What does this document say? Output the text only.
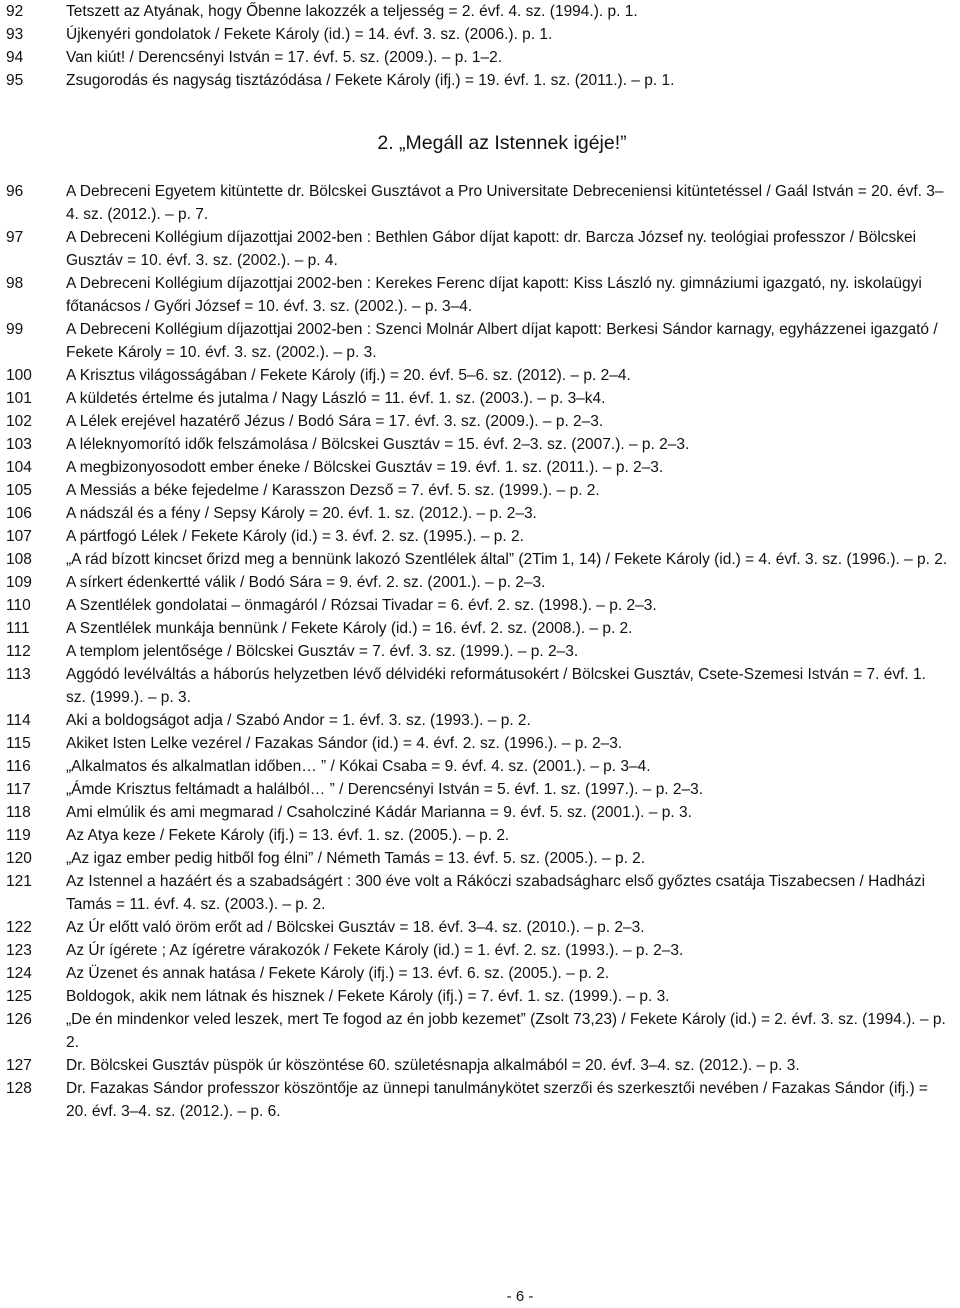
92	Tetszett az Atyának, hogy Őbenne lakozzék a teljesség = 2. évf. 4. sz. (1994.). p. 1.
93	Újkenyéri gondolatok / Fekete Károly (id.) = 14. évf. 3. sz. (2006.). p. 1.
94	Van kiút! / Derencsényi István = 17. évf. 5. sz. (2009.). – p. 1–2.
95	Zsugorodás és nagyság tisztázódása / Fekete Károly (ifj.) = 19. évf. 1. sz. (2011.). – p. 1.
2. „Megáll az Istennek igéje!”
96	A Debreceni Egyetem kitüntette dr. Bölcskei Gusztávot a Pro Universitate Debreceniensi kitüntetéssel / Gaál István = 20. évf. 3–4. sz. (2012.). – p. 7.
97	A Debreceni Kollégium díjazottjai 2002-ben : Bethlen Gábor díjat kapott: dr. Barcza József ny. teológiai professzor / Bölcskei Gusztáv = 10. évf. 3. sz. (2002.). – p. 4.
98	A Debreceni Kollégium díjazottjai 2002-ben : Kerekes Ferenc díjat kapott: Kiss László ny. gimnáziumi igazgató, ny. iskolaügyi főtanácsos / Győri József = 10. évf. 3. sz. (2002.). – p. 3–4.
99	A Debreceni Kollégium díjazottjai 2002-ben : Szenci Molnár Albert díjat kapott: Berkesi Sándor karnagy, egyházzenei igazgató / Fekete Károly = 10. évf. 3. sz. (2002.). – p. 3.
100	A Krisztus világosságában / Fekete Károly (ifj.) = 20. évf. 5–6. sz. (2012). – p. 2–4.
101	A küldetés értelme és jutalma / Nagy László = 11. évf. 1. sz. (2003.). – p. 3–k4.
102	A Lélek erejével hazatérő Jézus / Bodó Sára = 17. évf. 3. sz. (2009.). – p. 2–3.
103	A léleknyomorító idők felszámolása / Bölcskei Gusztáv = 15. évf. 2–3. sz. (2007.). – p. 2–3.
104	A megbizonyosodott ember éneke / Bölcskei Gusztáv = 19. évf. 1. sz. (2011.). – p. 2–3.
105	A Messiás a béke fejedelme / Karasszon Dezső = 7. évf. 5. sz. (1999.). – p. 2.
106	A nádszál és a fény / Sepsy Károly = 20. évf. 1. sz. (2012.). – p. 2–3.
107	A pártfogó Lélek / Fekete Károly (id.) = 3. évf. 2. sz. (1995.). – p. 2.
108	„A rád bízott kincset őrizd meg a bennünk lakozó Szentlélek által” (2Tim 1, 14) / Fekete Károly (id.) = 4. évf. 3. sz. (1996.). – p. 2.
109	A sírkert édenkertté válik / Bodó Sára = 9. évf. 2. sz. (2001.). – p. 2–3.
110	A Szentlélek gondolatai – önmagáról / Rózsai Tivadar = 6. évf. 2. sz. (1998.). – p. 2–3.
111	A Szentlélek munkája bennünk / Fekete Károly (id.) = 16. évf. 2. sz. (2008.). – p. 2.
112	A templom jelentősége / Bölcskei Gusztáv = 7. évf. 3. sz. (1999.). – p. 2–3.
113	Aggódó levélváltás a háborús helyzetben lévő délvidéki reformátusokért / Bölcskei Gusztáv, Csete-Szemesi István = 7. évf. 1. sz. (1999.). – p. 3.
114	Aki a boldogságot adja / Szabó Andor = 1. évf. 3. sz. (1993.). – p. 2.
115	Akiket Isten Lelke vezérel / Fazakas Sándor (id.) = 4. évf. 2. sz. (1996.). – p. 2–3.
116	„Alkalmatos és alkalmatlan időben… ” / Kókai Csaba = 9. évf. 4. sz. (2001.). – p. 3–4.
117	„Ámde Krisztus feltámadt a halálból… ” / Derencsényi István = 5. évf. 1. sz. (1997.). – p. 2–3.
118	Ami elmúlik és ami megmarad / Csaholcziné Kádár Marianna = 9. évf. 5. sz. (2001.). – p. 3.
119	Az Atya keze / Fekete Károly (ifj.) = 13. évf. 1. sz. (2005.). – p. 2.
120	„Az igaz ember pedig hitből fog élni” / Németh Tamás = 13. évf. 5. sz. (2005.). – p. 2.
121	Az Istennel a hazáért és a szabadságért : 300 éve volt a Rákóczi szabadságharc első győztes csatája Tiszabecsen / Hadházi Tamás = 11. évf. 4. sz. (2003.). – p. 2.
122	Az Úr előtt való öröm erőt ad / Bölcskei Gusztáv = 18. évf. 3–4. sz. (2010.). – p. 2–3.
123	Az Úr ígérete ; Az ígéretre várakozók / Fekete Károly (id.) = 1. évf. 2. sz. (1993.). – p. 2–3.
124	Az Üzenet és annak hatása / Fekete Károly (ifj.) = 13. évf. 6. sz. (2005.). – p. 2.
125	Boldogok, akik nem látnak és hisznek / Fekete Károly (ifj.) = 7. évf. 1. sz. (1999.). – p. 3.
126	„De én mindenkor veled leszek, mert Te fogod az én jobb kezemet” (Zsolt 73,23) / Fekete Károly (id.) = 2. évf. 3. sz. (1994.). – p. 2.
127	Dr. Bölcskei Gusztáv püspök úr köszöntése 60. születésnapja alkalmából = 20. évf. 3–4. sz. (2012.). – p. 3.
128	Dr. Fazakas Sándor professzor köszöntője az ünnepi tanulmánykötet szerzői és szerkesztői nevében / Fazakas Sándor (ifj.) = 20. évf. 3–4. sz. (2012.). – p. 6.
- 6 -
